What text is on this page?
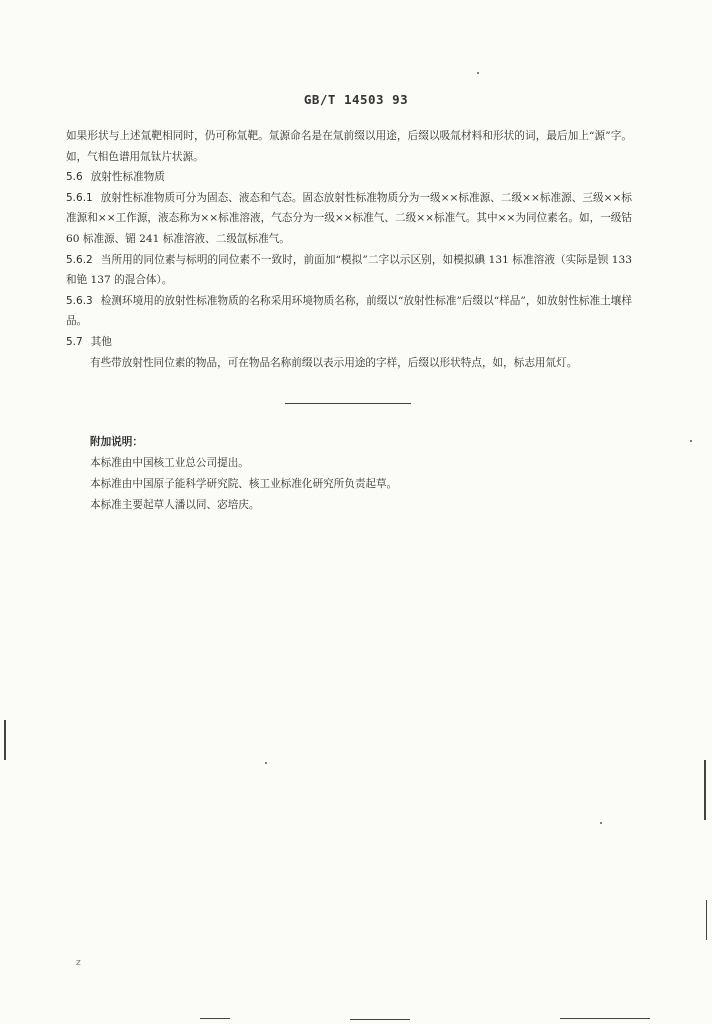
GB/T 14503 93

如果形状与上述氚靶相同时，仍可称氚靶。氚源命名是在氚前缀以用途，后缀以吸氚材料和形状的词，最后加上“源”字。如，气相色谱用氚钛片状源。

5.6 放射性标准物质

5.6.1 放射性标准物质可分为固态、液态和气态。固态放射性标准物质分为一级××标准源、二级××标准源、三级××标准源和××工作源，液态称为××标准溶液，气态分为一级××标准气、二级××标准气。其中××为同位素名。如，一级钴 60 标准源、镅 241 标准溶液、二级氙标准气。

5.6.2 当所用的同位素与标明的同位素不一致时，前面加“模拟”二字以示区别，如模拟碘 131 标准溶液（实际是钡 133 和铯 137 的混合体）。

5.6.3 检测环境用的放射性标准物质的名称采用环境物质名称，前缀以“放射性标准”后缀以“样品”，如放射性标准土壤样品。

5.7 其他

有些带放射性同位素的物品，可在物品名称前缀以表示用途的字样，后缀以形状特点，如，标志用氚灯。

附加说明：
本标准由中国核工业总公司提出。
本标准由中国原子能科学研究院、核工业标准化研究所负责起草。
本标准主要起草人潘以同、宓培庆。
z
